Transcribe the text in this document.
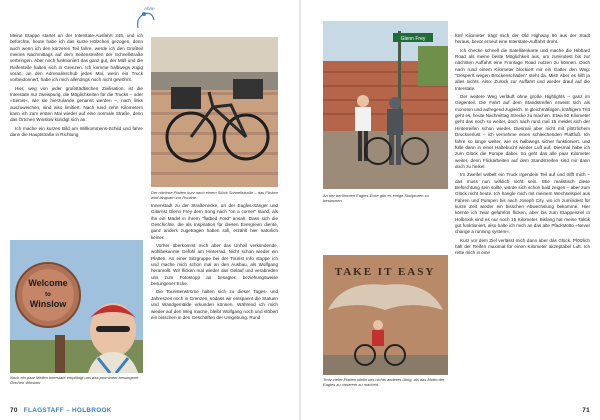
Meine Etappe startet an der Interstate-Ausfahrt 245, und ich befürchte, heute habe ich das kurze Hölzchen gezogen, denn auch wenn ich den kürzeren Teil fahre, werde ich den Großteil meines Nachmittags auf dem Seitenstreifen der Schnellstraße verbringen. Aber noch funktioniert das ganz gut, der Müll und die Reifenteile halten sich in Grenzen. Ich komme halbwegs zügig voran, an den Adrenalinschub jedes Mal, wenn ein Truck vorbeidonnert, habe ich mich allerdings noch nicht gewöhnt.

Hier, weg von jeder großstädtischen Zivilisation, ist die Interstate nur zweispurig, die Möglichkeiten für die Trucks – oder »Semis«, wie sie hierzulande genannt werden –, nach links auszuweichen, sind also limitiert. Nach rund zehn Kilometern kann ich zum ersten Mal wieder auf eine normale Straße, denn das Örtchen Winslow kündigt sich an.

Ich mache ein kurzes Bild am Willkommens-Schild und fahre dann die Hauptstraße in Richtung

Ahne
Der nächste Platten kurz nach einem Stück Schnellstraße – das Flicken wird langsam zur Routine.
Welcome
to
Winslow
Noch ein paar Meilen Interstate empfängt uns das prominent besungene Örtchen Winslow

Innenstadt zu der Straßenecke, an der Eagles-Sänger und Gitarrist Glenn Frey dem Song nach "on a corner" stand, als ihn ein Mädel in ihrem "flatbed Ford" ansah. Dass sich die Geschichte, die als Inspiration für diesen Evergreen diente, ganz anders zugetragen haben soll, erzählt hier natürlich keiner.

Vorher überkommt mich aber das Unheil verkündende, wohlbekannte Gefühl am Hinterrad. Nicht schon wieder ein Platten. An einer Sitzgruppe bei der Tourist Info stoppe ich und mache mich schon mal an den Ausbau, als Wolfgang heranrollt. Wir flicken mal wieder das Geläuf und verabreden uns zum Fotostopp an besagter, beziehungsweise besungener Ecke.

Die Touristenströme halten sich zu dieser Tages- und Jahreszeit noch in Grenzen, sodass wir entspannt die Statuen und Wandgemälde erkunden können. Während ich mich wieder auf den Weg mache, bleibt Wolfgang noch und stöbert ein bisschen in den Geschäften der Umgebung. Rund

70 FLAGSTAFF – HOLBROOK
Glenn Frey
An der berühmten Eagles-Ecke gibt es einige Skulpturen zu bestaunen.
TAKE IT EASY
Trotz vieler Platten bleibt uns nichts anderes übrig, als das Motto der Eagles zu unserem zu machen.

fünf Kilometer trägt mich der Old Highway 66 aus der Stadt heraus, bevor erneut eine Interstate-Auffahrt droht.

Ich checke schnell die Satellitenkarte und mache die Hibbard Road als meine beste Möglichkeit aus, um zumindest bis zur nächsten Auffahrt eine Frontage Road nutzen zu können. Doch nach rund einem Kilometer blockiert mir ein Gatter den Weg: "Gesperrt wegen Brückenschäden" steht da. Mist! Aber es hilft ja alles nichts. Also: Zurück zur Auffahrt und wieder drauf auf die Interstate.

Der weitere Weg verläuft ohne große Highlights – ganz im Gegenteil. Die Fahrt auf dem Standstreifen erweist sich als monoton und aufregend zugleich. In gleichmäßigen, kräftigem Tritt geht es, heute Nachmittag Strecke zu machen. Etwa 50 Kilometer geht das noch so weiter, doch nach rund mal 15 meldet sich der Hinterreifen schon wieder. Diesmal aber nicht mit plötzlichem Druckverlust – ich vernehme einen schleichenden Plattfuß. Ich fahre so lange weiter, wie es halbwegs sicher funktioniert, und fülle dann in einer Haltebucht wieder Luft auf. Diesmal habe ich zum Glück die Pumpe dabei. So geht das alle paar Kilometer weiter, denn Flickarbeiten auf dem Standstreifen sind mir dann doch zu heikel.

Im Zweifel wirbelt ein Truck irgendein Teil auf und trifft mich – das muss nun wirklich nicht sein. Wie realistisch diese Befürchtung sein sollte, würde sich schon bald zeigen – aber zum Glück nicht heute. Ich hangle mich mit meinem Wechselspiel aus Fahren und Pumpen bis nach Joseph City, wo ich zumindest für kurze Zeit wieder ein bisschen Abwechslung bekomme. Hier könnte ich zwar gefahrlos flicken, aber bis zum Etappenziel in Holbrook sind es nur noch 15 Kilometer. Bislang hat meine Taktik gut funktioniert, also halte ich mich an das alte Pfad-Motto »Never change a running system«.

Kurz vor dem Ziel verlässt mich dann aber das Glück. Plötzlich hält der Reifen maximal für einen Kilometer akzeptabel Luft. Ich rette mich in eine

71
